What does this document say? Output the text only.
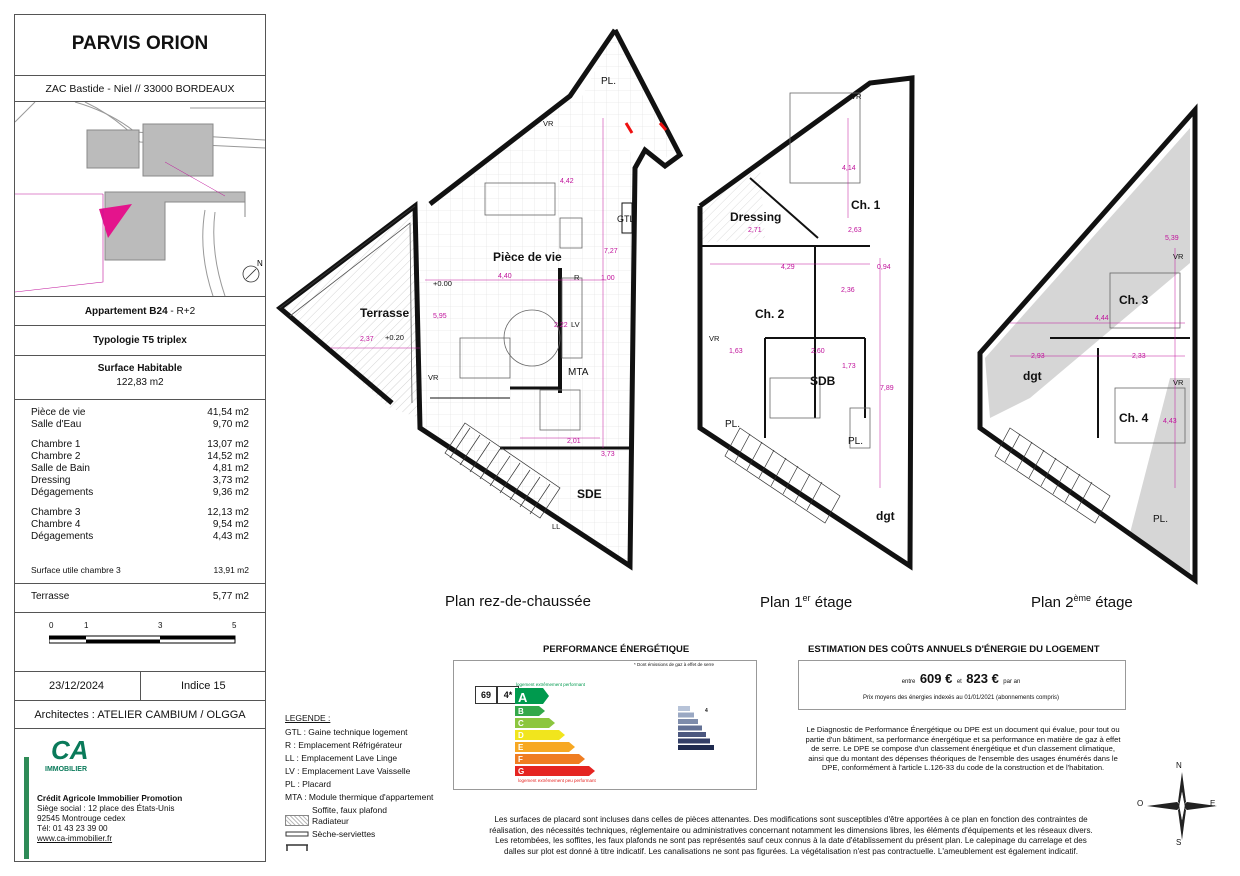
PARVIS ORION
ZAC Bastide - Niel // 33000 BORDEAUX
N
Appartement B24 - R+2
Typologie T5 triplex
Surface Habitable
122,83 m2
Pièce de vie	41,54 m2
Salle d'Eau	9,70 m2
Chambre 1	13,07 m2
Chambre 2	14,52 m2
Salle de Bain	4,81 m2
Dressing	3,73 m2
Dégagements	9,36 m2
Chambre 3	12,13 m2
Chambre 4	9,54 m2
Dégagements	4,43 m2
Surface utile chambre 3	13,91 m2
Terrasse	5,77 m2
0	1	3	5
23/12/2024	Indice 15
Architectes : ATELIER CAMBIUM / OLGGA
CA
IMMOBILIER
Crédit Agricole Immobilier Promotion
Siège social : 12 place des États-Unis
92545 Montrouge cedex
Tél: 01 43 23 39 00
www.ca-immobilier.fr
Pièce de vie
Terrasse
SDE
MTA
GTL
PL.
R
LL
LV
+0.00
+0.20
VR
VR
Dressing
Ch. 1
Ch. 2
SDB
dgt
PL.
PL.
VR
VR
Ch. 3
Ch. 4
dgt
PL.
VR
VR
4,42
7,27
4,40	1,00
5,95
2,37
2,22
2,01
3,73
4,14
2,71	2,63
4,29	0,94
2,36
1,63	2,60
1,73
7,89
5,39
4,44
2,93	2,33
4,43
Plan rez-de-chaussée	Plan 1er étage	Plan 2ème étage
LEGENDE :
GTL : Gaine technique logement
R : Emplacement Réfrigérateur
LL : Emplacement Lave Linge
LV : Emplacement Lave Vaisselle
PL : Placard
MTA : Module thermique d'appartement
Soffite, faux plafond
Radiateur
Sèche-serviettes
PERFORMANCE ÉNERGÉTIQUE
* Dont émissions de gaz à effet de serre
69	4* A
B
C
D
E
F
G
logement extrêmement performant
logement extrêmement peu performant
4
ESTIMATION DES COÛTS ANNUELS D'ÉNERGIE DU LOGEMENT
entre 609 € et 823 € par an
Prix moyens des énergies indexés au 01/01/2021 (abonnements compris)
Le Diagnostic de Performance Énergétique ou DPE est un document qui évalue, pour tout ou
partie d'un bâtiment, sa performance énergétique et sa performance en matière de gaz à effet
de serre. Le DPE se compose d'un classement énergétique et d'un classement climatique,
ainsi que du montant des dépenses théoriques de l'ensemble des usages énumérés dans le
DPE, conformément à l'article L.126-33 du code de la construction et de l'habitation.
Les surfaces de placard sont incluses dans celles de pièces attenantes. Des modifications sont susceptibles d'être apportées à ce plan en fonction des contraintes de
réalisation, des nécessités techniques, réglementaire ou administratives concernant notamment les dimensions libres, les éléments d'équipements et les réseaux divers.
Les retombées, les soffites, les faux plafonds ne sont pas représentés sauf ceux connus à la date d'établissement du présent plan. Le calepinage du carrelage et des
dalles sur plot est donné à titre indicatif. Les canalisations ne sont pas figurées. La végétalisation n'est pas contractuelle. L'ameublement est également indicatif.
N
S
E
O
